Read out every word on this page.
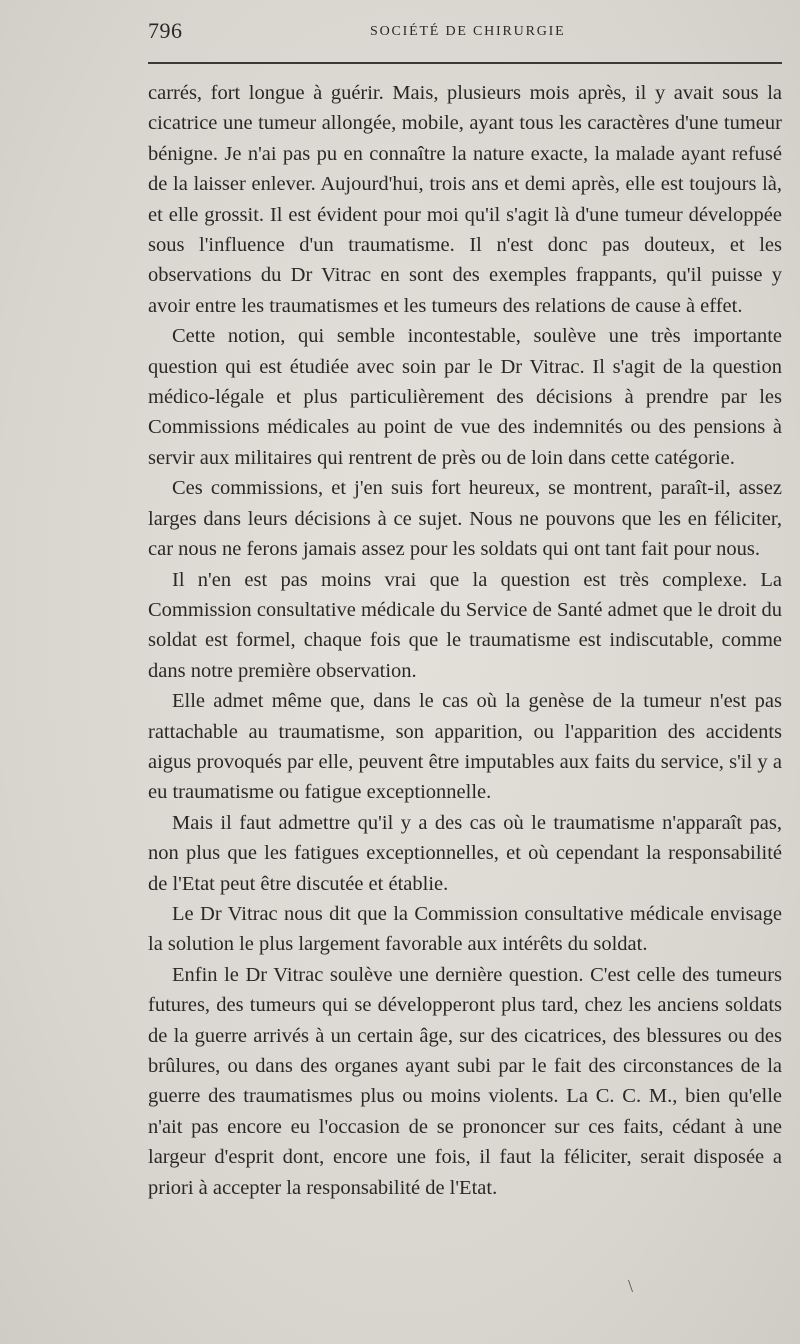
796	SOCIÉTÉ DE CHIRURGIE

carrés, fort longue à guérir. Mais, plusieurs mois après, il y avait sous la cicatrice une tumeur allongée, mobile, ayant tous les caractères d'une tumeur bénigne. Je n'ai pas pu en connaître la nature exacte, la malade ayant refusé de la laisser enlever. Aujourd'hui, trois ans et demi après, elle est toujours là, et elle grossit. Il est évident pour moi qu'il s'agit là d'une tumeur développée sous l'influence d'un traumatisme. Il n'est donc pas douteux, et les observations du Dr Vitrac en sont des exemples frappants, qu'il puisse y avoir entre les traumatismes et les tumeurs des relations de cause à effet.

Cette notion, qui semble incontestable, soulève une très importante question qui est étudiée avec soin par le Dr Vitrac. Il s'agit de la question médico-légale et plus particulièrement des décisions à prendre par les Commissions médicales au point de vue des indemnités ou des pensions à servir aux militaires qui rentrent de près ou de loin dans cette catégorie.

Ces commissions, et j'en suis fort heureux, se montrent, paraît-il, assez larges dans leurs décisions à ce sujet. Nous ne pouvons que les en féliciter, car nous ne ferons jamais assez pour les soldats qui ont tant fait pour nous.

Il n'en est pas moins vrai que la question est très complexe. La Commission consultative médicale du Service de Santé admet que le droit du soldat est formel, chaque fois que le traumatisme est indiscutable, comme dans notre première observation.

Elle admet même que, dans le cas où la genèse de la tumeur n'est pas rattachable au traumatisme, son apparition, ou l'apparition des accidents aigus provoqués par elle, peuvent être imputables aux faits du service, s'il y a eu traumatisme ou fatigue exceptionnelle.

Mais il faut admettre qu'il y a des cas où le traumatisme n'apparaît pas, non plus que les fatigues exceptionnelles, et où cependant la responsabilité de l'Etat peut être discutée et établie.

Le Dr Vitrac nous dit que la Commission consultative médicale envisage la solution le plus largement favorable aux intérêts du soldat.

Enfin le Dr Vitrac soulève une dernière question. C'est celle des tumeurs futures, des tumeurs qui se développeront plus tard, chez les anciens soldats de la guerre arrivés à un certain âge, sur des cicatrices, des blessures ou des brûlures, ou dans des organes ayant subi par le fait des circonstances de la guerre des traumatismes plus ou moins violents. La C. C. M., bien qu'elle n'ait pas encore eu l'occasion de se prononcer sur ces faits, cédant à une largeur d'esprit dont, encore une fois, il faut la féliciter, serait disposée a priori à accepter la responsabilité de l'Etat.

\
